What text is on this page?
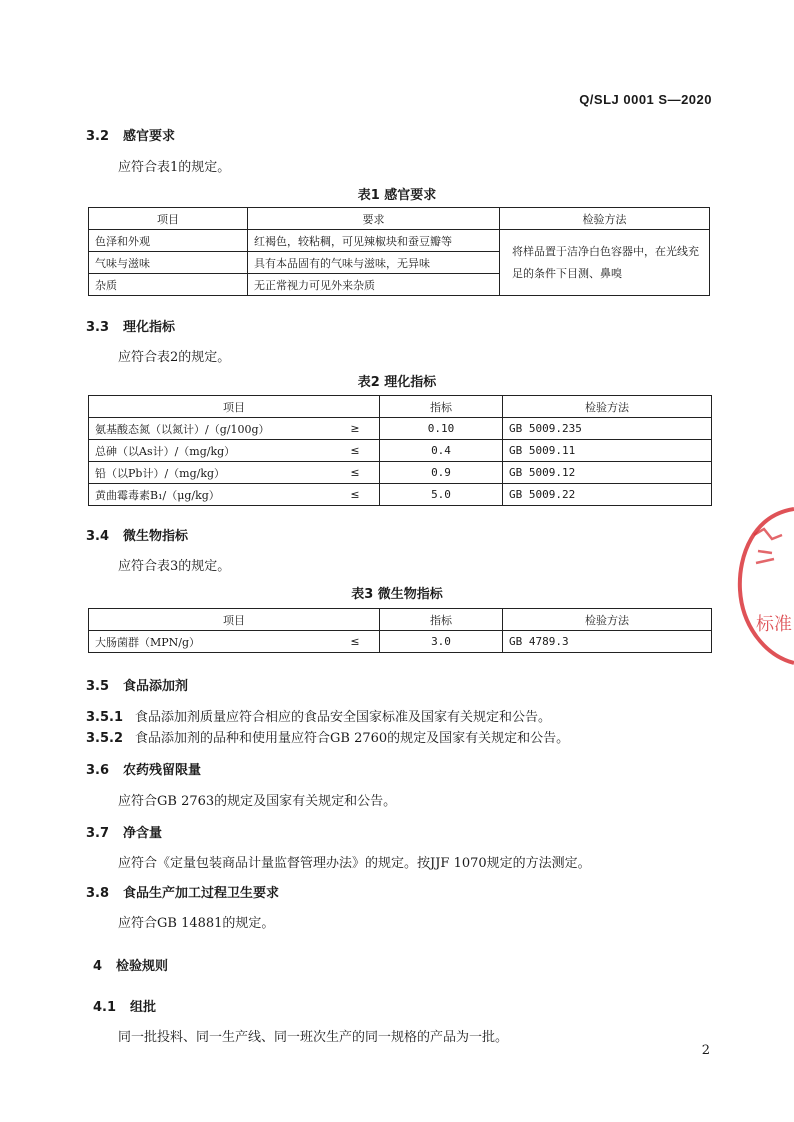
Q/SLJ 0001 S—2020
3.2 感官要求
应符合表1的规定。
表1 感官要求
项目	要求	检验方法
色泽和外观	红褐色，较粘稠，可见辣椒块和蚕豆瓣等	将样品置于洁净白色容器中，在光线充足的条件下目测、鼻嗅
气味与滋味	具有本品固有的气味与滋味，无异味	
杂质	无正常视力可见外来杂质	
3.3 理化指标
应符合表2的规定。
表2 理化指标
项目		指标	检验方法
氨基酸态氮（以氮计）/（g/100g）	≥	0.10	GB 5009.235
总砷（以As计）/（mg/kg）	≤	0.4	GB 5009.11
铅（以Pb计）/（mg/kg）	≤	0.9	GB 5009.12
黄曲霉毒素B₁/（μg/kg）	≤	5.0	GB 5009.22
3.4 微生物指标
应符合表3的规定。
表3 微生物指标
项目		指标	检验方法
大肠菌群（MPN/g）	≤	3.0	GB 4789.3
3.5 食品添加剂
3.5.1 食品添加剂质量应符合相应的食品安全国家标准及国家有关规定和公告。
3.5.2 食品添加剂的品种和使用量应符合GB 2760的规定及国家有关规定和公告。
3.6 农药残留限量
应符合GB 2763的规定及国家有关规定和公告。
3.7 净含量
应符合《定量包装商品计量监督管理办法》的规定。按JJF 1070规定的方法测定。
3.8 食品生产加工过程卫生要求
应符合GB 14881的规定。
4 检验规则
4.1 组批
同一批投料、同一生产线、同一班次生产的同一规格的产品为一批。
2
标准
